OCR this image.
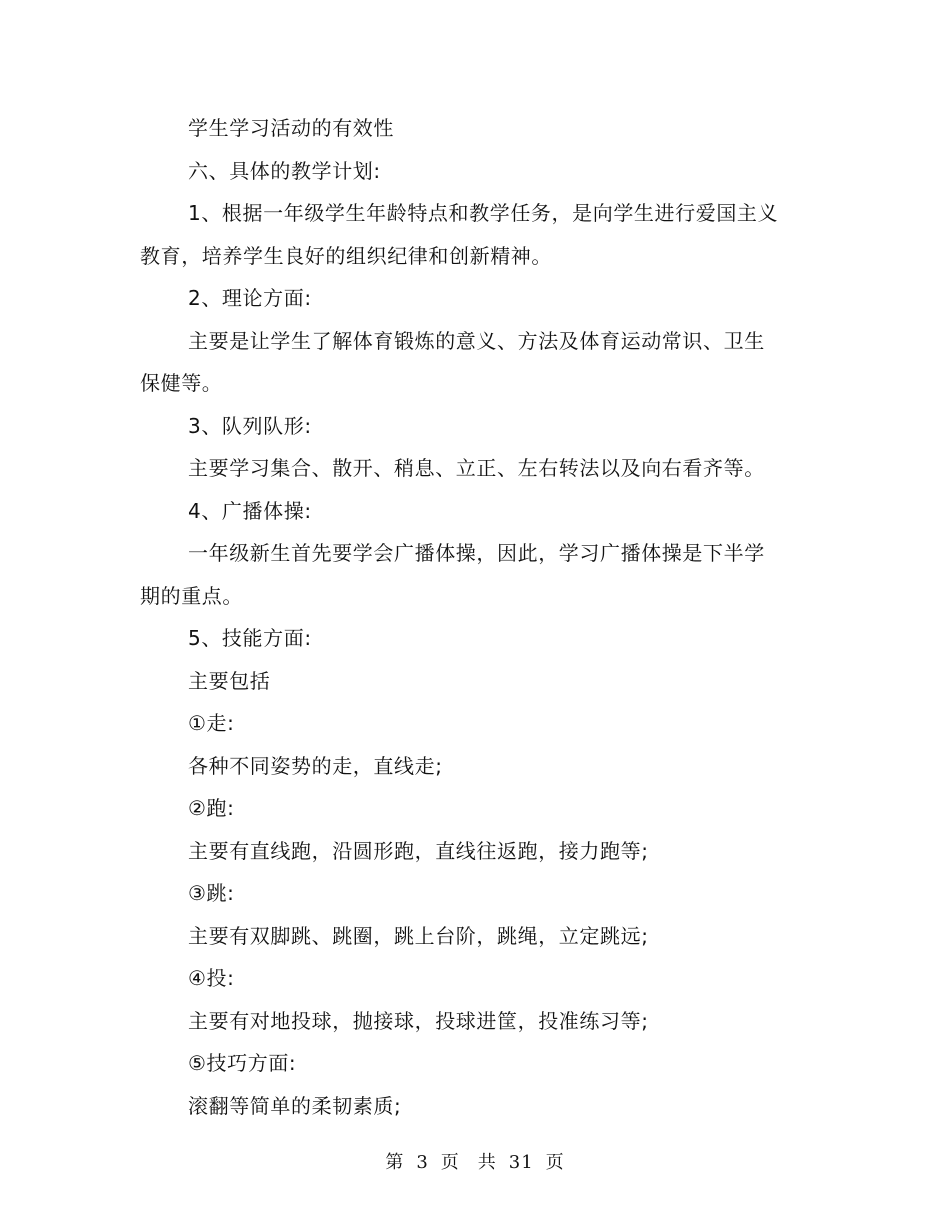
学生学习活动的有效性
六、具体的教学计划:
1、根据一年级学生年龄特点和教学任务，是向学生进行爱国主义
教育，培养学生良好的组织纪律和创新精神。
2、理论方面:
主要是让学生了解体育锻炼的意义、方法及体育运动常识、卫生
保健等。
3、队列队形:
主要学习集合、散开、稍息、立正、左右转法以及向右看齐等。
4、广播体操:
一年级新生首先要学会广播体操，因此，学习广播体操是下半学
期的重点。
5、技能方面:
主要包括
①走:
各种不同姿势的走，直线走;
②跑:
主要有直线跑，沿圆形跑，直线往返跑，接力跑等;
③跳:
主要有双脚跳、跳圈，跳上台阶，跳绳，立定跳远;
④投:
主要有对地投球，抛接球，投球进筐，投准练习等;
⑤技巧方面:
滚翻等简单的柔韧素质;
第 3 页 共 31 页
